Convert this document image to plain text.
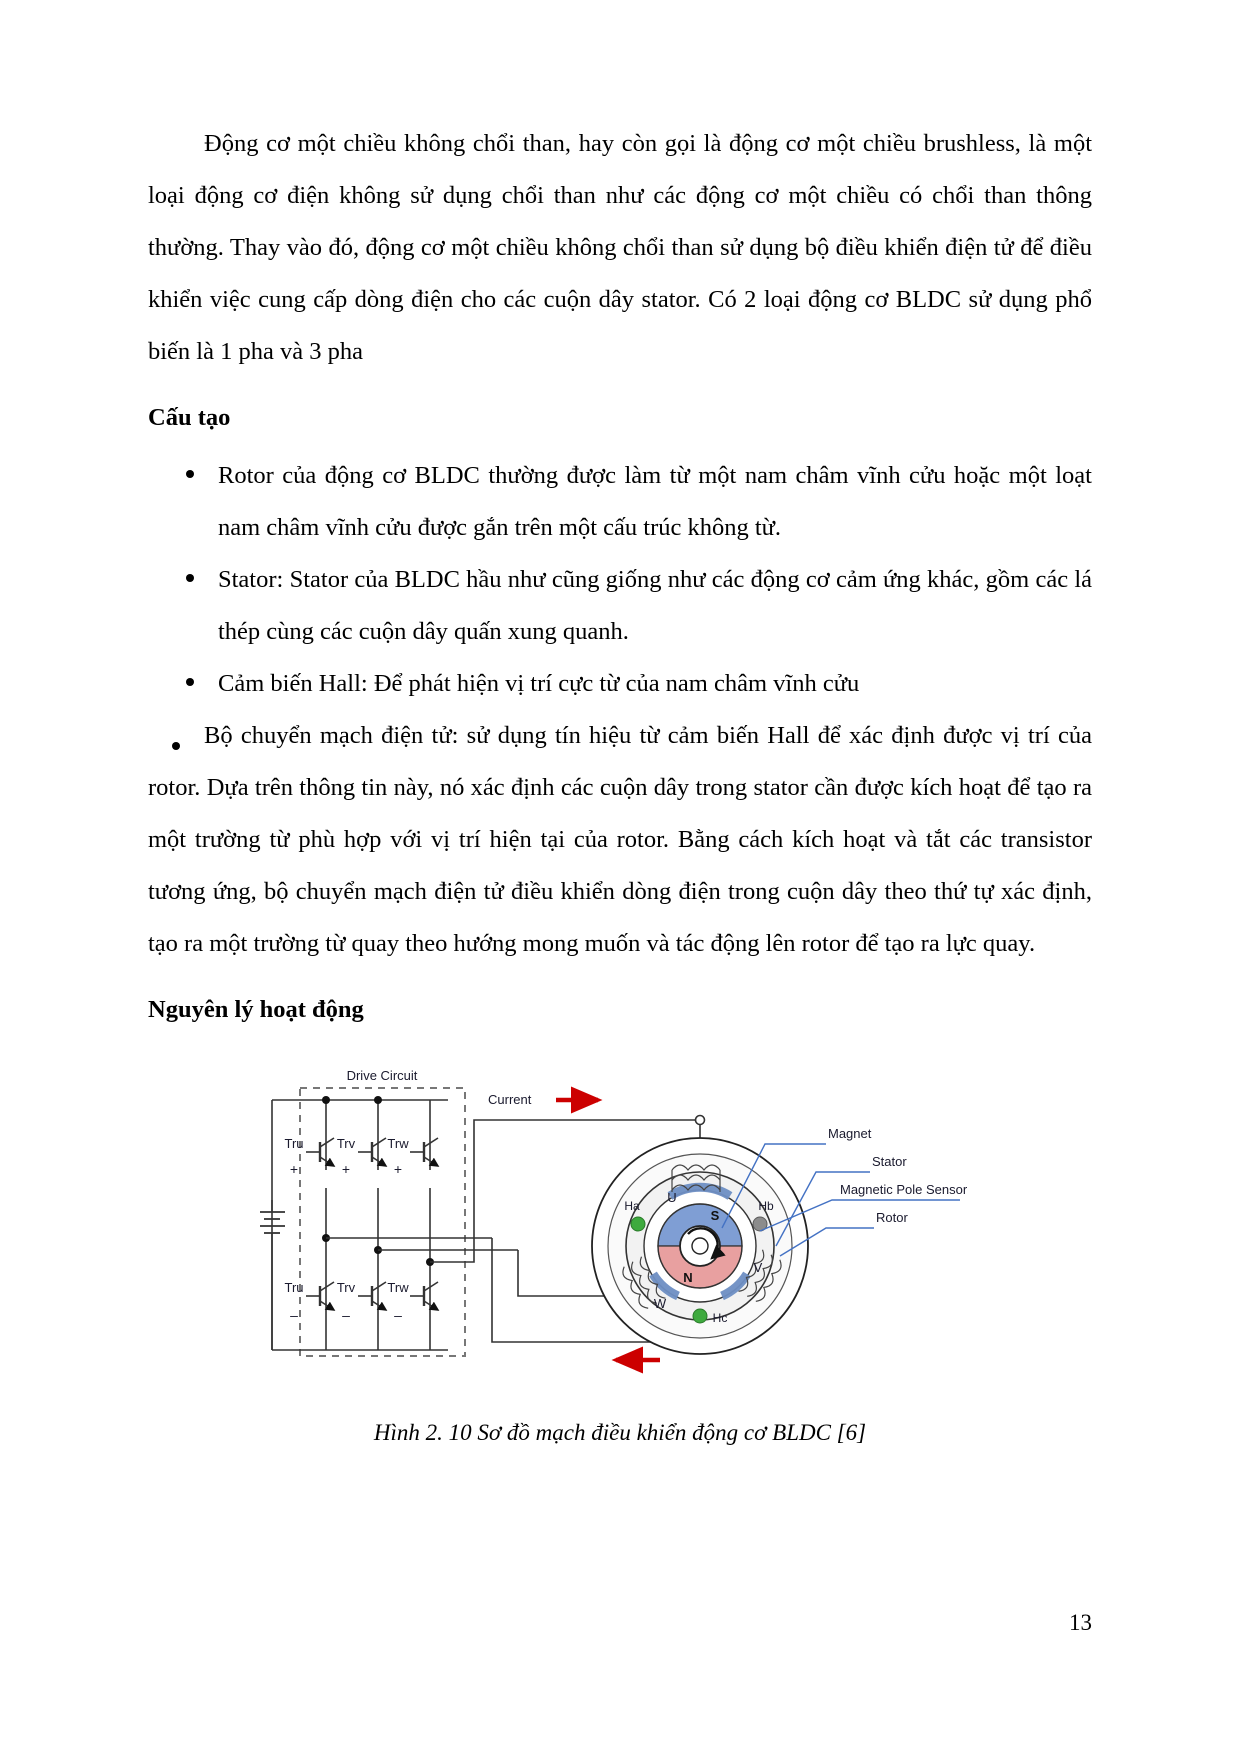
Động cơ một chiều không chổi than, hay còn gọi là động cơ một chiều brushless, là một loại động cơ điện không sử dụng chổi than như các động cơ một chiều có chổi than thông thường. Thay vào đó, động cơ một chiều không chổi than sử dụng bộ điều khiển điện tử để điều khiển việc cung cấp dòng điện cho các cuộn dây stator. Có 2 loại động cơ BLDC sử dụng phổ biến là 1 pha và 3 pha

Cấu tạo
Rotor của động cơ BLDC thường được làm từ một nam châm vĩnh cửu hoặc một loạt nam châm vĩnh cửu được gắn trên một cấu trúc không từ.
Stator: Stator của BLDC hầu như cũng giống như các động cơ cảm ứng khác, gồm các lá thép cùng các cuộn dây quấn xung quanh.
Cảm biến Hall: Để phát hiện vị trí cực từ của nam châm vĩnh cửu

Bộ chuyển mạch điện tử: sử dụng tín hiệu từ cảm biến Hall để xác định được vị trí của rotor. Dựa trên thông tin này, nó xác định các cuộn dây trong stator cần được kích hoạt để tạo ra một trường từ phù hợp với vị trí hiện tại của rotor. Bằng cách kích hoạt và tắt các transistor tương ứng, bộ chuyển mạch điện tử điều khiển dòng điện trong cuộn dây theo thứ tự xác định, tạo ra một trường từ quay theo hướng mong muốn và tác động lên rotor để tạo ra lực quay.

Nguyên lý hoạt động
Drive Circuit
Tru	Trv Trw
+	+	+
Tru	Trv Trw
–	–	–
Current
Ha	Hb
Hc
U
V
W
S
N
Magnet
Stator
Magnetic Pole Sensor
Rotor
Hình 2. 10 Sơ đồ mạch điều khiển động cơ BLDC [6]
13
